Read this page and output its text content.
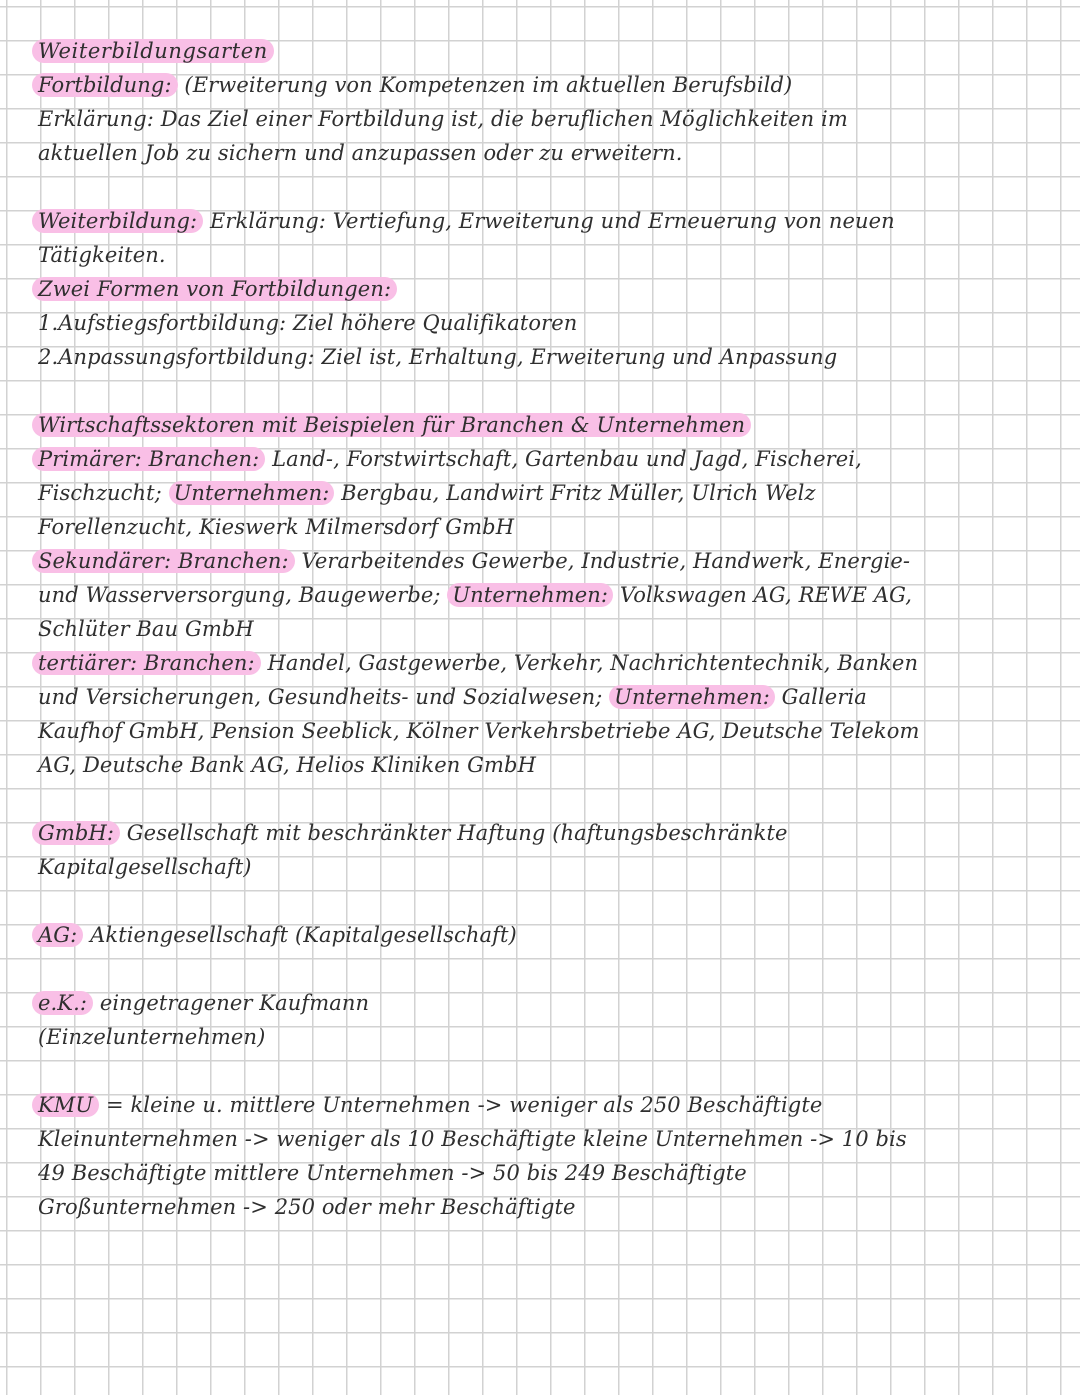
Weiterbildungsarten
Fortbildung: (Erweiterung von Kompetenzen im aktuellen Berufsbild)
Erklärung: Das Ziel einer Fortbildung ist, die beruflichen Möglichkeiten im
aktuellen Job zu sichern und anzupassen oder zu erweitern.
Weiterbildung: Erklärung: Vertiefung, Erweiterung und Erneuerung von neuen
Tätigkeiten.
Zwei Formen von Fortbildungen:
1.Aufstiegsfortbildung: Ziel höhere Qualifikatoren
2.Anpassungsfortbildung: Ziel ist, Erhaltung, Erweiterung und Anpassung
Wirtschaftssektoren mit Beispielen für Branchen & Unternehmen
Primärer: Branchen: Land-, Forstwirtschaft, Gartenbau und Jagd, Fischerei,
Fischzucht; Unternehmen: Bergbau, Landwirt Fritz Müller, Ulrich Welz
Forellenzucht, Kieswerk Milmersdorf GmbH
Sekundärer: Branchen: Verarbeitendes Gewerbe, Industrie, Handwerk, Energie-
und Wasserversorgung, Baugewerbe; Unternehmen: Volkswagen AG, REWE AG,
Schlüter Bau GmbH
tertiärer: Branchen: Handel, Gastgewerbe, Verkehr, Nachrichtentechnik, Banken
und Versicherungen, Gesundheits- und Sozialwesen; Unternehmen: Galleria
Kaufhof GmbH, Pension Seeblick, Kölner Verkehrsbetriebe AG, Deutsche Telekom
AG, Deutsche Bank AG, Helios Kliniken GmbH
GmbH: Gesellschaft mit beschränkter Haftung (haftungsbeschränkte
Kapitalgesellschaft)
AG: Aktiengesellschaft (Kapitalgesellschaft)
e.K.: eingetragener Kaufmann
(Einzelunternehmen)
KMU = kleine u. mittlere Unternehmen -> weniger als 250 Beschäftigte
Kleinunternehmen -> weniger als 10 Beschäftigte kleine Unternehmen -> 10 bis
49 Beschäftigte mittlere Unternehmen -> 50 bis 249 Beschäftigte
Großunternehmen -> 250 oder mehr Beschäftigte
